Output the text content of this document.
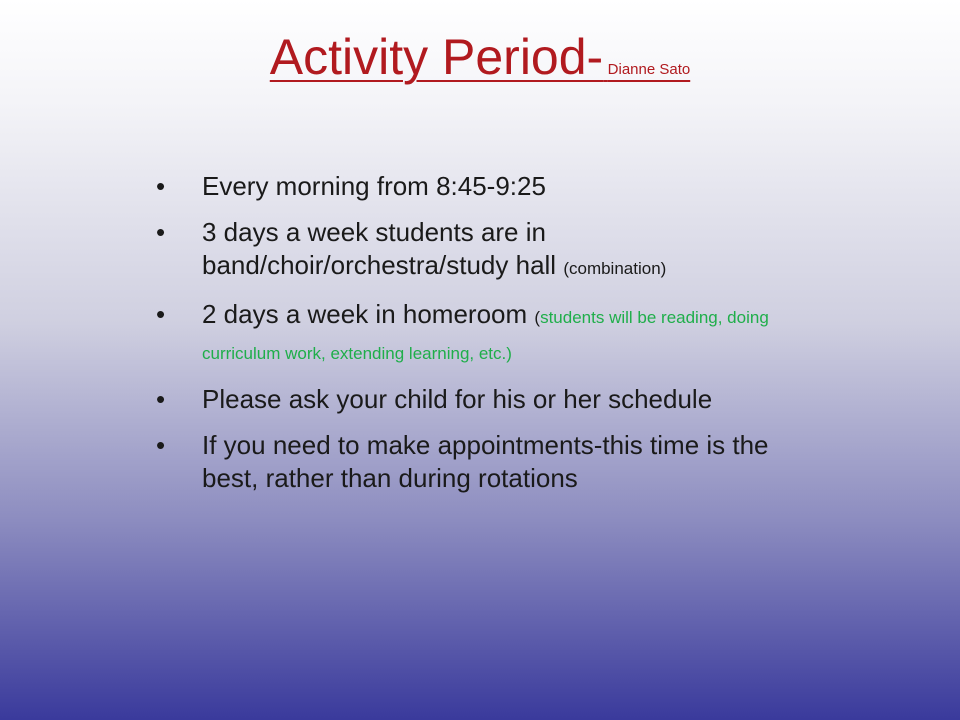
Activity Period- Dianne Sato
• Every morning from 8:45-9:25
• 3 days a week students are in band/choir/orchestra/study hall (combination)
• 2 days a week in homeroom (students will be reading, doing curriculum work, extending learning, etc.)
• Please ask your child for his or her schedule
• If you need to make appointments-this time is the best, rather than during rotations
